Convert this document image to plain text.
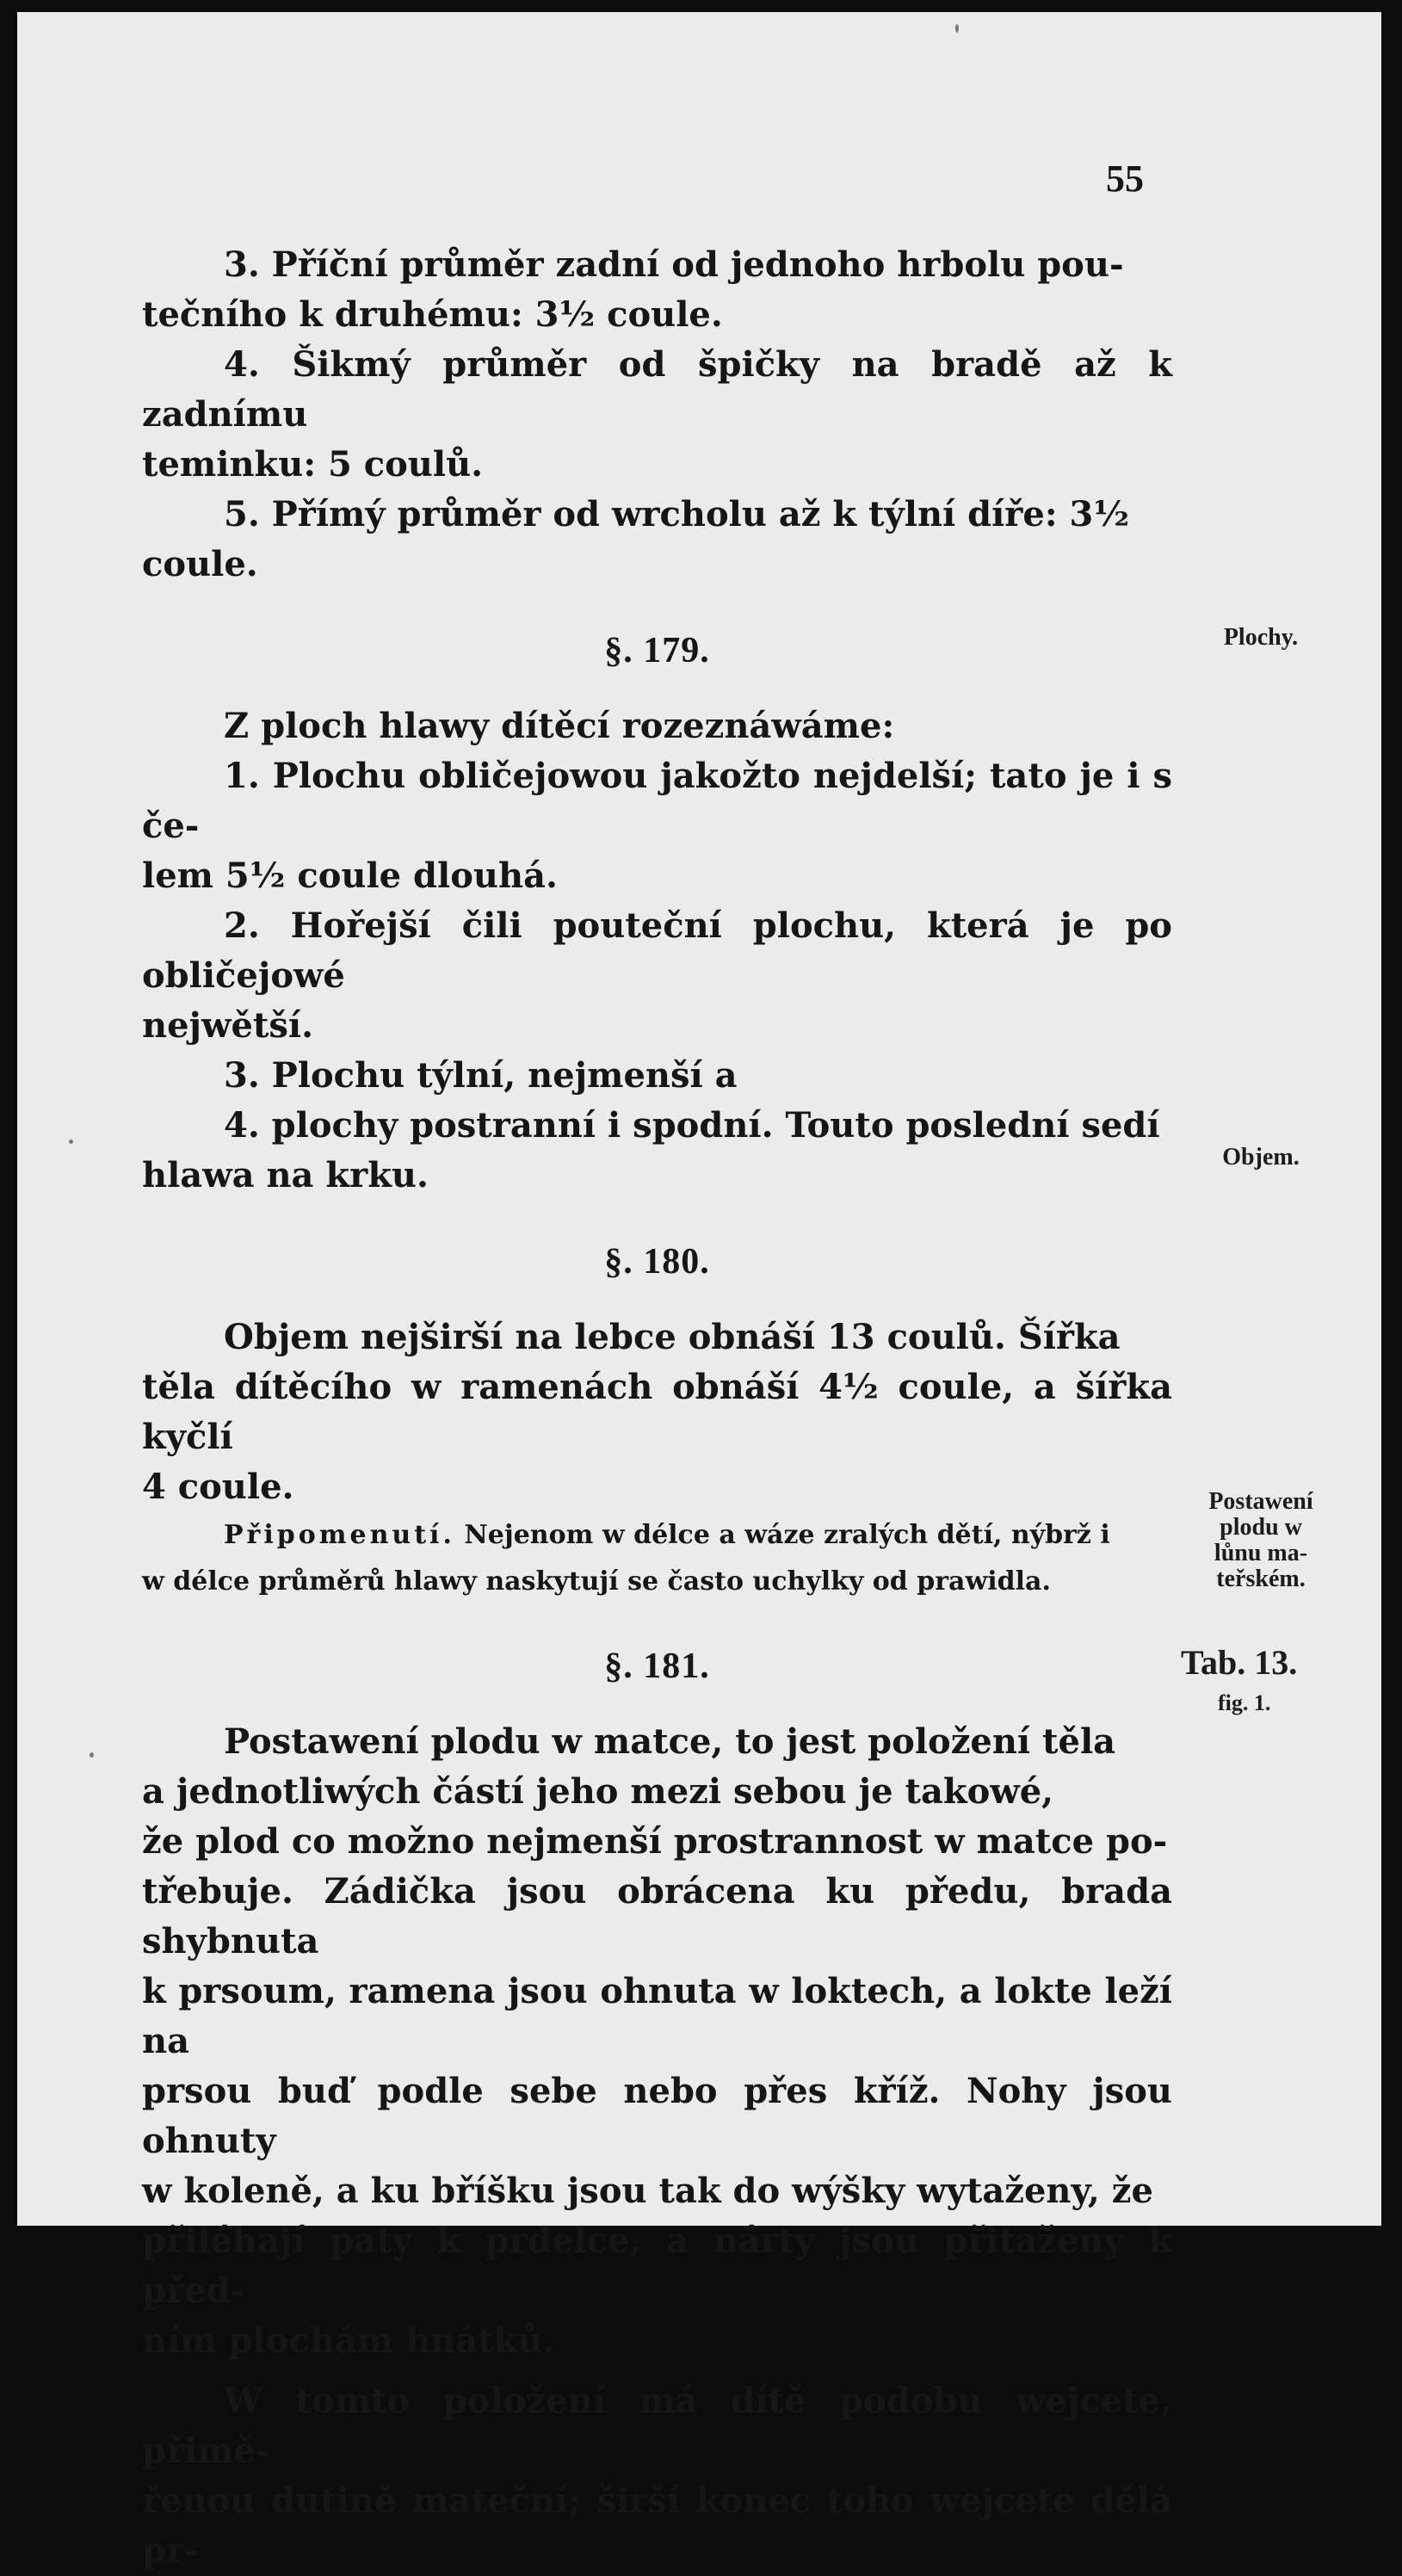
55

3. Příční průměr zadní od jednoho hrbolu pou-

tečního k druhému: 3½ coule.

4. Šikmý průměr od špičky na bradě až k zadnímu

teminku: 5 coulů.

5. Přímý průměr od wrcholu až k týlní díře: 3½

coule.

§. 179.

Z ploch hlawy dítěcí rozeznáwáme:

1. Plochu obličejowou jakožto nejdelší; tato je i s če-

lem 5½ coule dlouhá.

2. Hořejší čili pouteční plochu, která je po obličejowé

nejwětší.

3. Plochu týlní, nejmenší a

4. plochy postranní i spodní. Touto poslední sedí

hlawa na krku.

§. 180.

Objem nejširší na lebce obnáší 13 coulů. Šířka

těla dítěcího w ramenách obnáší 4½ coule, a šířka kyčlí

4 coule.

Připomenutí. Nejenom w délce a wáze zralých dětí, nýbrž i

w délce průměrů hlawy naskytují se často uchylky od prawidla.

§. 181.

Postawení plodu w matce, to jest položení těla

a jednotliwých částí jeho mezi sebou je takowé,

že plod co možno nejmenší prostrannost w matce po-

třebuje. Zádička jsou obrácena ku předu, brada shybnuta

k prsoum, ramena jsou ohnuta w loktech, a lokte leží na

prsou buď podle sebe nebo přes kříž. Nohy jsou ohnuty

w koleně, a ku bříšku jsou tak do wýšky wytaženy, že

přiléhají paty k prdelce, a nárty jsou přitaženy k před-

ním plochám hnátků.

W tomto položení má dítě podobu wejcete, přimě-

řenou dutině mateční; širší konec toho wejcete dělá pr-

Plochy.
Objem.
Postawení
plodu w
lůnu ma-
teřském.
Tab. 13.
fig. 1.
